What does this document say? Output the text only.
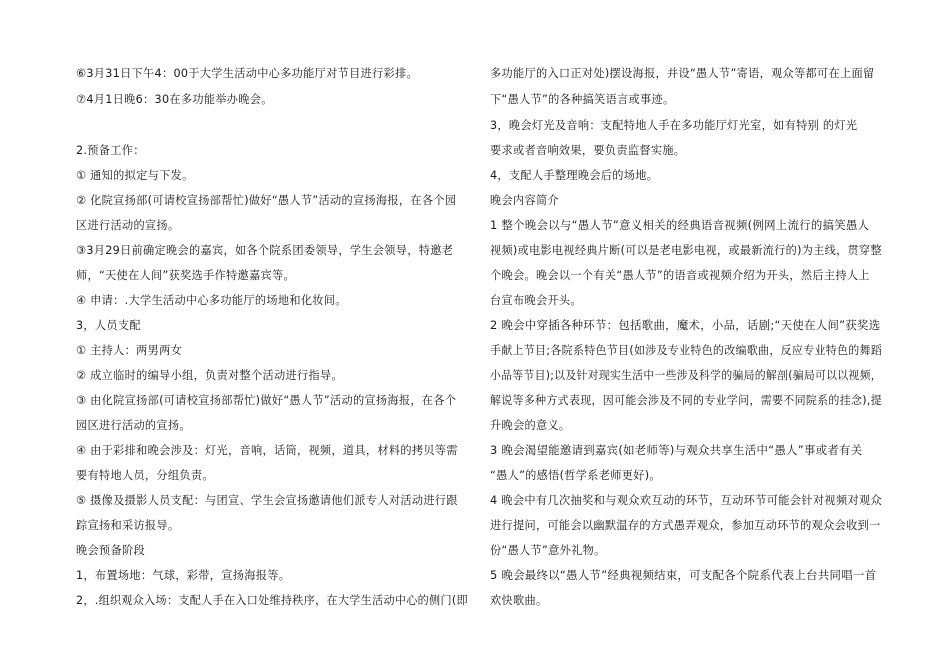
⑥3月31日下午4：00于大学生活动中心多功能厅对节目进行彩排。
⑦4月1日晚6：30在多功能举办晚会。
2.预备工作：
① 通知的拟定与下发。
② 化院宣扬部(可请校宣扬部帮忙)做好“愚人节”活动的宣扬海报，在各个园
区进行活动的宣扬。
③3月29日前确定晚会的嘉宾，如各个院系团委领导，学生会领导，特邀老
师，“天使在人间”获奖选手作特邀嘉宾等。
④ 申请：.大学生活动中心多功能厅的场地和化妆间。
3，人员支配
① 主持人：两男两女
② 成立临时的编导小组，负责对整个活动进行指导。
③ 由化院宣扬部(可请校宣扬部帮忙)做好“愚人节”活动的宣扬海报，在各个
园区进行活动的宣扬。
④ 由于彩排和晚会涉及：灯光，音响，话筒，视频，道具，材料的拷贝等需
要有特地人员，分组负责。
⑤ 摄像及摄影人员支配：与团宣、学生会宣扬邀请他们派专人对活动进行跟
踪宣扬和采访报导。
晚会预备阶段
1，布置场地：气球，彩带，宣扬海报等。
2，.组织观众入场：支配人手在入口处维持秩序，在大学生活动中心的侧门(即
多功能厅的入口正对处)摆设海报，并设“愚人节”寄语，观众等都可在上面留
下“愚人节”的各种搞笑语言或事迹。
3，晚会灯光及音响：支配特地人手在多功能厅灯光室，如有特别 的灯光
要求或者音响效果，要负责监督实施。
4，支配人手整理晚会后的场地。
晚会内容简介
1 整个晚会以与“愚人节”意义相关的经典语音视频(例网上流行的搞笑愚人
视频)或电影电视经典片断(可以是老电影电视，或最新流行的)为主线，贯穿整
个晚会。晚会以一个有关“愚人节”的语音或视频介绍为开头，然后主持人上
台宣布晚会开头。
2 晚会中穿插各种环节：包括歌曲，魔术，小品，话剧;“天使在人间”获奖选
手献上节目;各院系特色节目(如涉及专业特色的改编歌曲，反应专业特色的舞蹈
小品等节目);以及针对现实生活中一些涉及科学的骗局的解剖(骗局可以以视频，
解说等多种方式表现，因可能会涉及不同的专业学问，需要不同院系的挂念),提
升晚会的意义。
3 晚会渴望能邀请到嘉宾(如老师等)与观众共享生活中“愚人”事或者有关
“愚人”的感悟(哲学系老师更好)。
4 晚会中有几次抽奖和与观众欢互动的环节，互动环节可能会针对视频对观众
进行提问，可能会以幽默温存的方式愚弄观众，参加互动环节的观众会收到一
份“愚人节”意外礼物。
5 晚会最终以“愚人节”经典视频结束，可支配各个院系代表上台共同唱一首
欢快歌曲。
